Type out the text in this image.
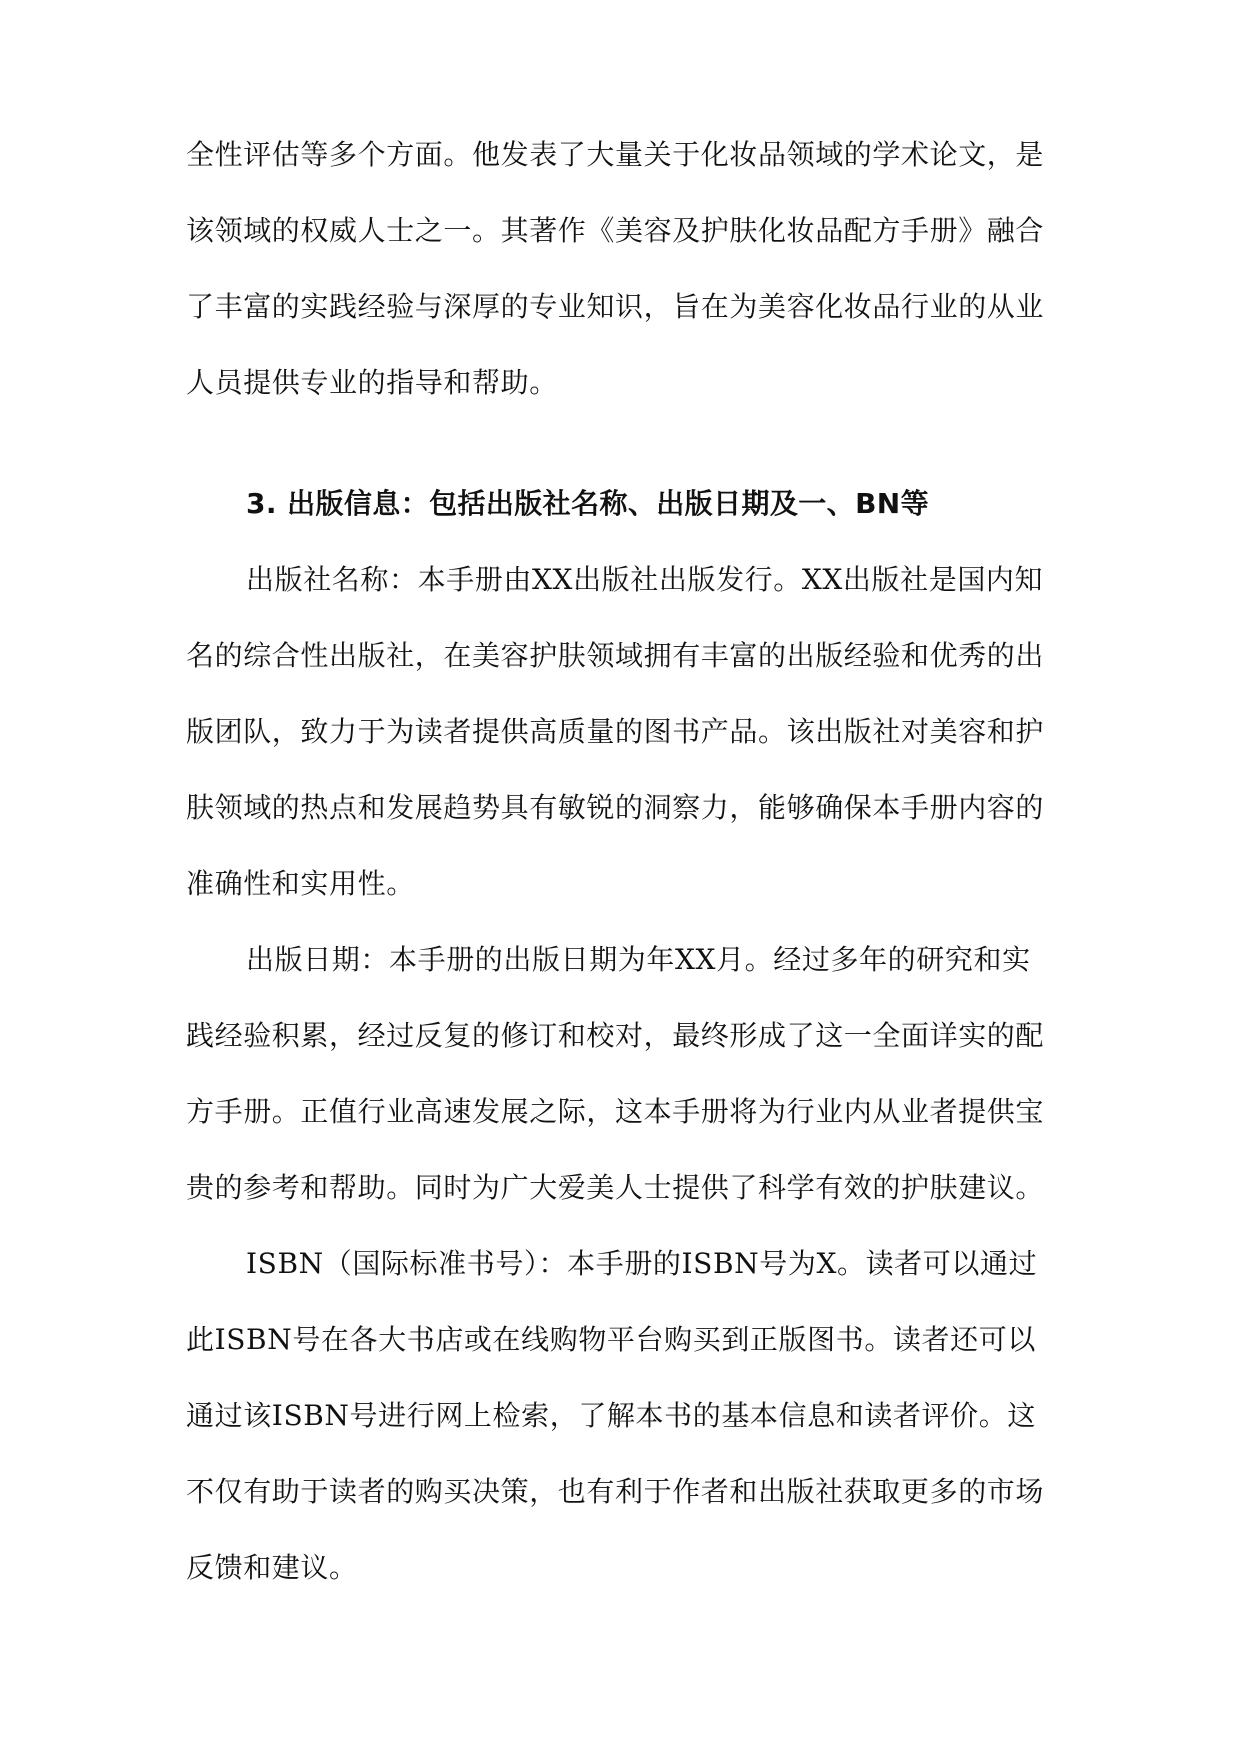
全性评估等多个方面。他发表了大量关于化妆品领域的学术论文，是
该领域的权威人士之一。其著作《美容及护肤化妆品配方手册》融合
了丰富的实践经验与深厚的专业知识，旨在为美容化妆品行业的从业
人员提供专业的指导和帮助。
3. 出版信息：包括出版社名称、出版日期及一、BN等
出版社名称：本手册由XX出版社出版发行。XX出版社是国内知
名的综合性出版社，在美容护肤领域拥有丰富的出版经验和优秀的出
版团队，致力于为读者提供高质量的图书产品。该出版社对美容和护
肤领域的热点和发展趋势具有敏锐的洞察力，能够确保本手册内容的
准确性和实用性。
出版日期：本手册的出版日期为年XX月。经过多年的研究和实
践经验积累，经过反复的修订和校对，最终形成了这一全面详实的配
方手册。正值行业高速发展之际，这本手册将为行业内从业者提供宝
贵的参考和帮助。同时为广大爱美人士提供了科学有效的护肤建议。
ISBN（国际标准书号）：本手册的ISBN号为X。读者可以通过
此ISBN号在各大书店或在线购物平台购买到正版图书。读者还可以
通过该ISBN号进行网上检索，了解本书的基本信息和读者评价。这
不仅有助于读者的购买决策，也有利于作者和出版社获取更多的市场
反馈和建议。
